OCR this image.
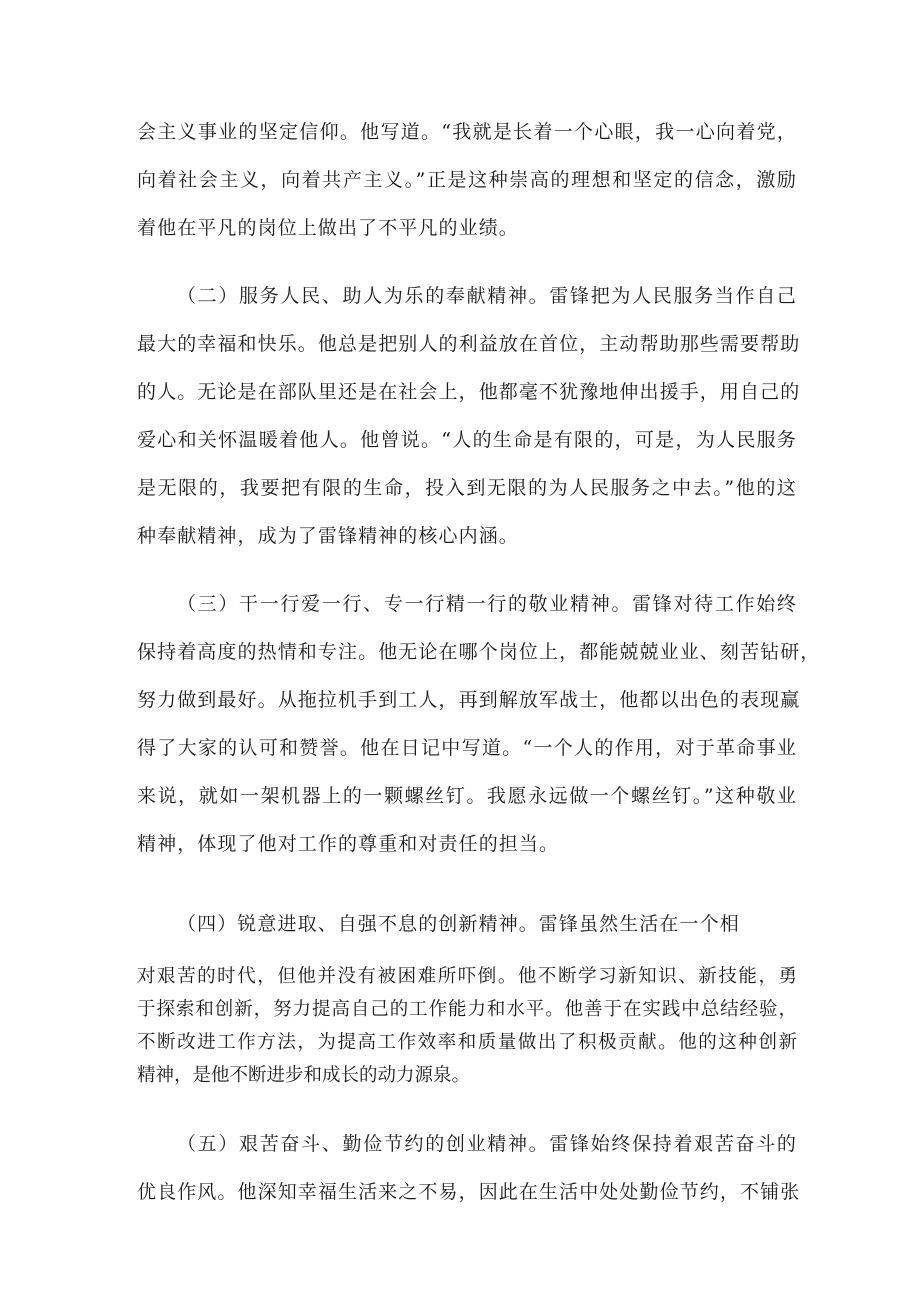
会主义事业的坚定信仰。他写道。“我就是长着一个心眼，我一心向着党，
向着社会主义，向着共产主义。”正是这种崇高的理想和坚定的信念，激励
着他在平凡的岗位上做出了不平凡的业绩。
（二）服务人民、助人为乐的奉献精神。雷锋把为人民服务当作自己
最大的幸福和快乐。他总是把别人的利益放在首位，主动帮助那些需要帮助
的人。无论是在部队里还是在社会上，他都毫不犹豫地伸出援手，用自己的
爱心和关怀温暖着他人。他曾说。“人的生命是有限的，可是，为人民服务
是无限的，我要把有限的生命，投入到无限的为人民服务之中去。”他的这
种奉献精神，成为了雷锋精神的核心内涵。
（三）干一行爱一行、专一行精一行的敬业精神。雷锋对待工作始终
保持着高度的热情和专注。他无论在哪个岗位上，都能兢兢业业、刻苦钻研，
努力做到最好。从拖拉机手到工人，再到解放军战士，他都以出色的表现赢
得了大家的认可和赞誉。他在日记中写道。“一个人的作用，对于革命事业
来说，就如一架机器上的一颗螺丝钉。我愿永远做一个螺丝钉。”这种敬业
精神，体现了他对工作的尊重和对责任的担当。
（四）锐意进取、自强不息的创新精神。雷锋虽然生活在一个相
对艰苦的时代，但他并没有被困难所吓倒。他不断学习新知识、新技能，勇
于探索和创新，努力提高自己的工作能力和水平。他善于在实践中总结经验，
不断改进工作方法，为提高工作效率和质量做出了积极贡献。他的这种创新
精神，是他不断进步和成长的动力源泉。
（五）艰苦奋斗、勤俭节约的创业精神。雷锋始终保持着艰苦奋斗的
优良作风。他深知幸福生活来之不易，因此在生活中处处勤俭节约，不铺张
